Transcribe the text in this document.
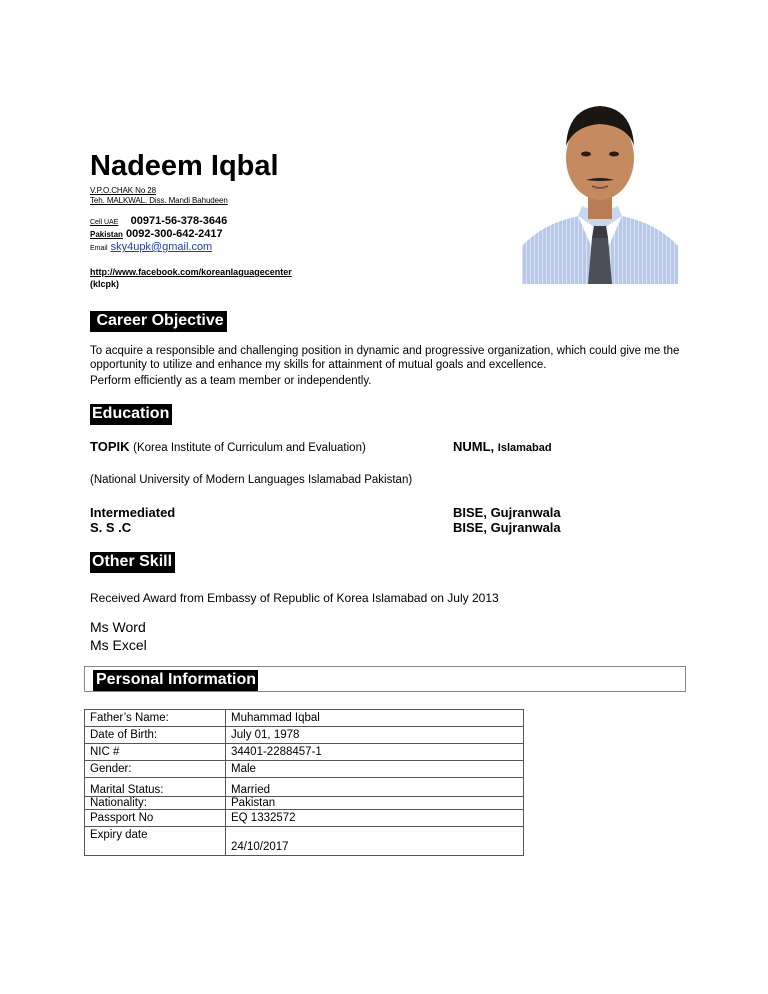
Nadeem Iqbal
V.P.O.CHAK No 28
Teh. MALKWAL. Diss. Mandi Bahudeen
Cell UAE 00971-56-378-3646
Pakistan 0092-300-642-2417
Email sky4upk@gmail.com
http://www.facebook.com/koreanlaguagecenter
(klcpk)
Career Objective
To acquire a responsible and challenging position in dynamic and progressive organization, which could give me the opportunity to utilize and enhance my skills for attainment of mutual goals and excellence.
Perform efficiently as a team member or independently.
Education
TOPIK (Korea Institute of Curriculum and Evaluation)	NUML, Islamabad
(National University of Modern Languages Islamabad Pakistan)
Intermediated	BISE, Gujranwala
S. S .C	BISE, Gujranwala
Other Skill
Received Award from Embassy of Republic of Korea Islamabad on July 2013
Ms Word
Ms Excel
Personal Information
Father’s Name:	Muhammad Iqbal
Date of Birth:	July 01, 1978
NIC #	34401-2288457-1
Gender:	Male
Marital Status:	Married
Nationality:	Pakistan
Passport No	EQ 1332572
Expiry date	24/10/2017
